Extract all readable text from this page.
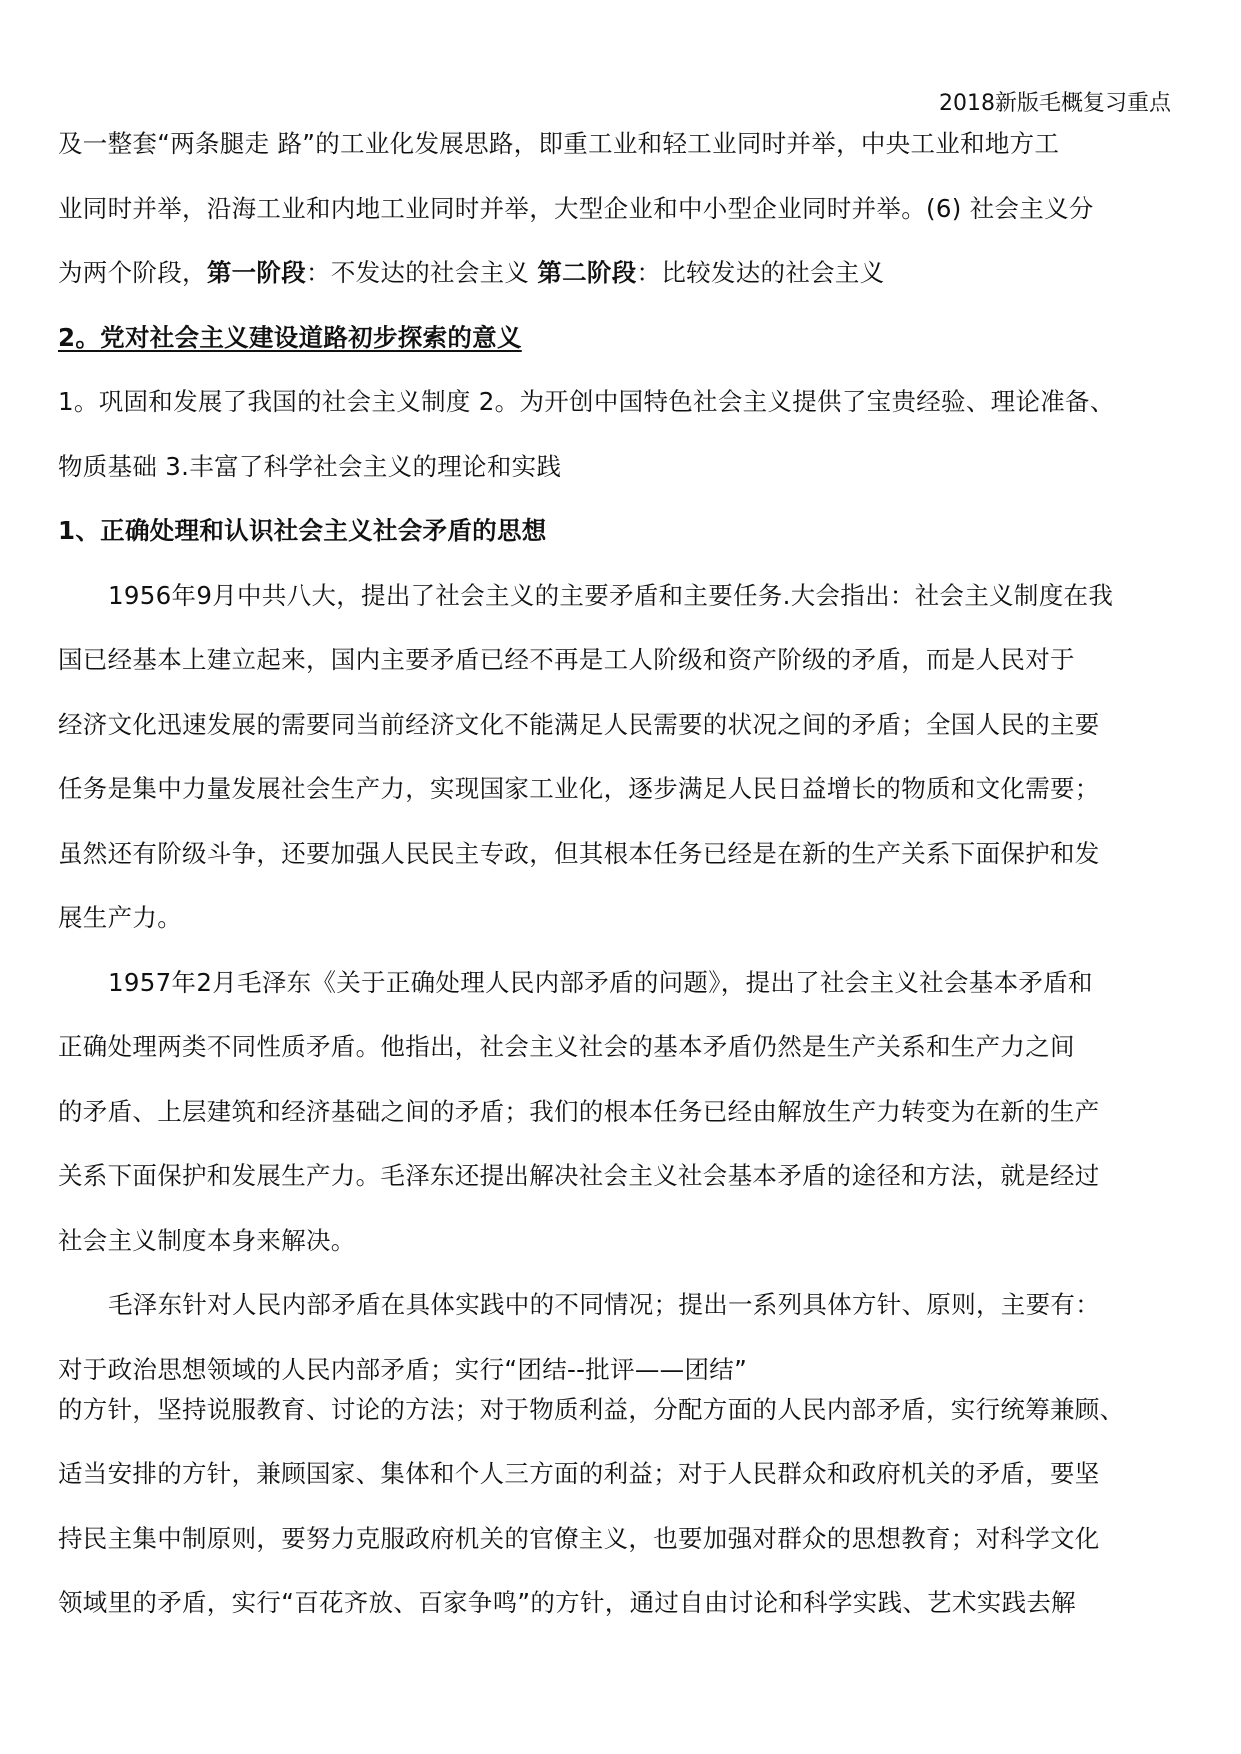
2018新版毛概复习重点

及一整套“两条腿走 路”的工业化发展思路，即重工业和轻工业同时并举，中央工业和地方工

业同时并举，沿海工业和内地工业同时并举，大型企业和中小型企业同时并举。(6) 社会主义分

为两个阶段，第一阶段：不发达的社会主义 第二阶段：比较发达的社会主义

2。党对社会主义建设道路初步探索的意义

1。巩固和发展了我国的社会主义制度 2。为开创中国特色社会主义提供了宝贵经验、理论准备、

物质基础 3.丰富了科学社会主义的理论和实践

1、正确处理和认识社会主义社会矛盾的思想

1956年9月中共八大，提出了社会主义的主要矛盾和主要任务.大会指出：社会主义制度在我

国已经基本上建立起来，国内主要矛盾已经不再是工人阶级和资产阶级的矛盾，而是人民对于

经济文化迅速发展的需要同当前经济文化不能满足人民需要的状况之间的矛盾；全国人民的主要

任务是集中力量发展社会生产力，实现国家工业化，逐步满足人民日益增长的物质和文化需要；

虽然还有阶级斗争，还要加强人民民主专政，但其根本任务已经是在新的生产关系下面保护和发

展生产力。

1957年2月毛泽东《关于正确处理人民内部矛盾的问题》，提出了社会主义社会基本矛盾和

正确处理两类不同性质矛盾。他指出，社会主义社会的基本矛盾仍然是生产关系和生产力之间

的矛盾、上层建筑和经济基础之间的矛盾；我们的根本任务已经由解放生产力转变为在新的生产

关系下面保护和发展生产力。毛泽东还提出解决社会主义社会基本矛盾的途径和方法，就是经过

社会主义制度本身来解决。

毛泽东针对人民内部矛盾在具体实践中的不同情况；提出一系列具体方针、原则，主要有：

对于政治思想领域的人民内部矛盾；实行“团结--批评——团结”

的方针，坚持说服教育、讨论的方法；对于物质利益，分配方面的人民内部矛盾，实行统筹兼顾、

适当安排的方针，兼顾国家、集体和个人三方面的利益；对于人民群众和政府机关的矛盾，要坚

持民主集中制原则，要努力克服政府机关的官僚主义，也要加强对群众的思想教育；对科学文化

领域里的矛盾，实行“百花齐放、百家争鸣”的方针，通过自由讨论和科学实践、艺术实践去解
